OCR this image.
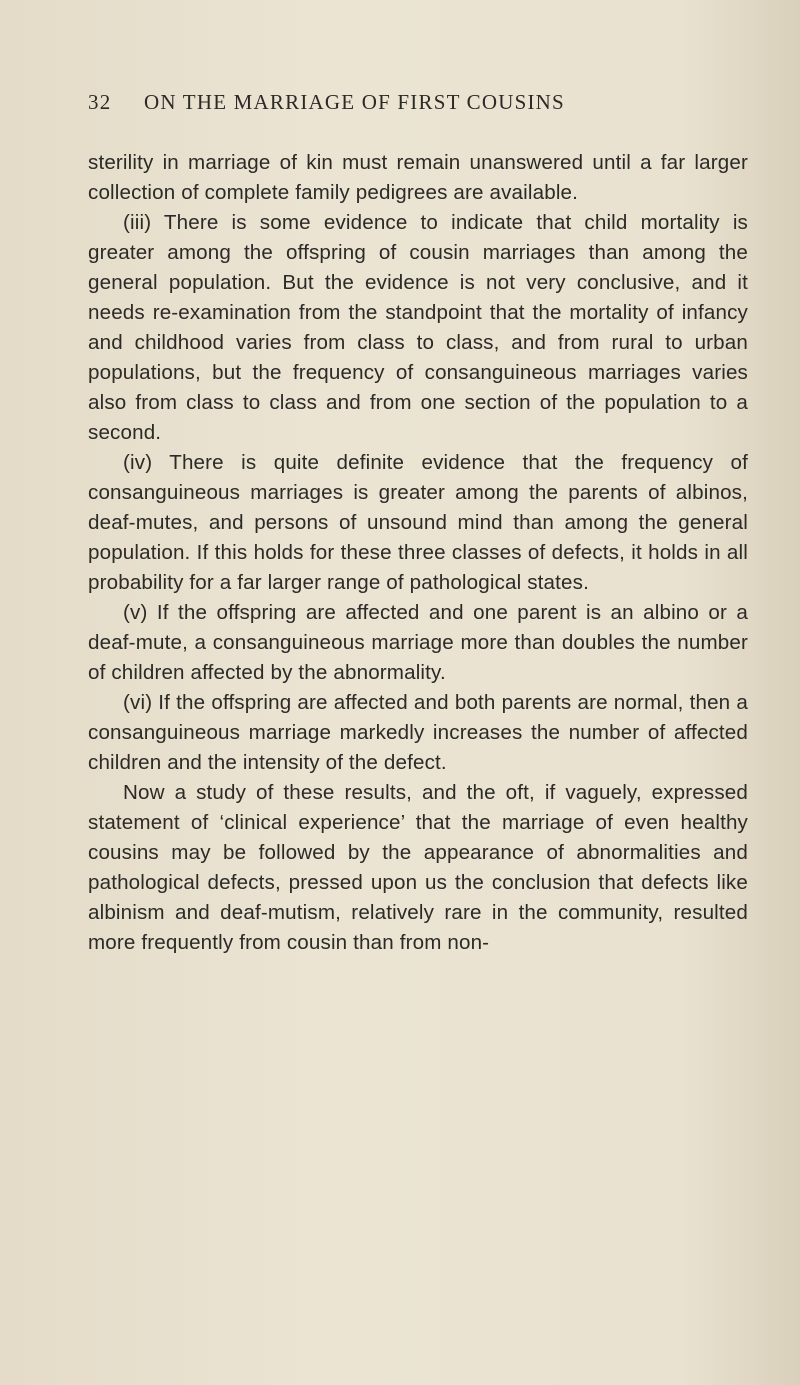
32	ON THE MARRIAGE OF FIRST COUSINS

sterility in marriage of kin must remain unanswered until a far larger collection of complete family pedigrees are available.

(iii) There is some evidence to indicate that child mortality is greater among the offspring of cousin marriages than among the general population. But the evidence is not very conclusive, and it needs re-examination from the standpoint that the mortality of infancy and childhood varies from class to class, and from rural to urban populations, but the frequency of consanguineous marriages varies also from class to class and from one section of the population to a second.

(iv) There is quite definite evidence that the frequency of consanguineous marriages is greater among the parents of albinos, deaf-mutes, and persons of unsound mind than among the general population. If this holds for these three classes of defects, it holds in all probability for a far larger range of pathological states.

(v) If the offspring are affected and one parent is an albino or a deaf-mute, a consanguineous marriage more than doubles the number of children affected by the abnormality.

(vi) If the offspring are affected and both parents are normal, then a consanguineous marriage markedly increases the number of affected children and the intensity of the defect.

Now a study of these results, and the oft, if vaguely, expressed statement of ‘clinical experience’ that the marriage of even healthy cousins may be followed by the appearance of abnormalities and pathological defects, pressed upon us the conclusion that defects like albinism and deaf-mutism, relatively rare in the community, resulted more frequently from cousin than from non-
